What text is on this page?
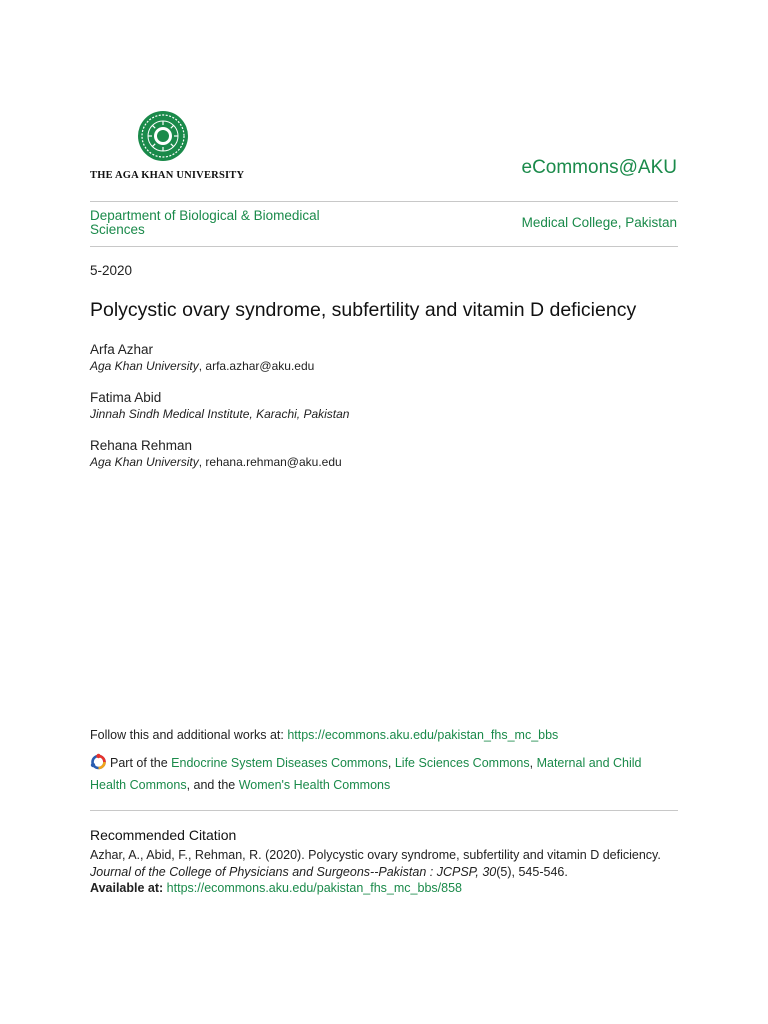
THE AGA KHAN UNIVERSITY	eCommons@AKU
Department of Biological & Biomedical Sciences	Medical College, Pakistan
5-2020
Polycystic ovary syndrome, subfertility and vitamin D deficiency
Arfa Azhar
Aga Khan University, arfa.azhar@aku.edu
Fatima Abid
Jinnah Sindh Medical Institute, Karachi, Pakistan
Rehana Rehman
Aga Khan University, rehana.rehman@aku.edu
Follow this and additional works at: https://ecommons.aku.edu/pakistan_fhs_mc_bbs
Part of the Endocrine System Diseases Commons, Life Sciences Commons, Maternal and Child Health Commons, and the Women's Health Commons
Recommended Citation
Azhar, A., Abid, F., Rehman, R. (2020). Polycystic ovary syndrome, subfertility and vitamin D deficiency.
Journal of the College of Physicians and Surgeons--Pakistan : JCPSP, 30(5), 545-546.
Available at: https://ecommons.aku.edu/pakistan_fhs_mc_bbs/858
